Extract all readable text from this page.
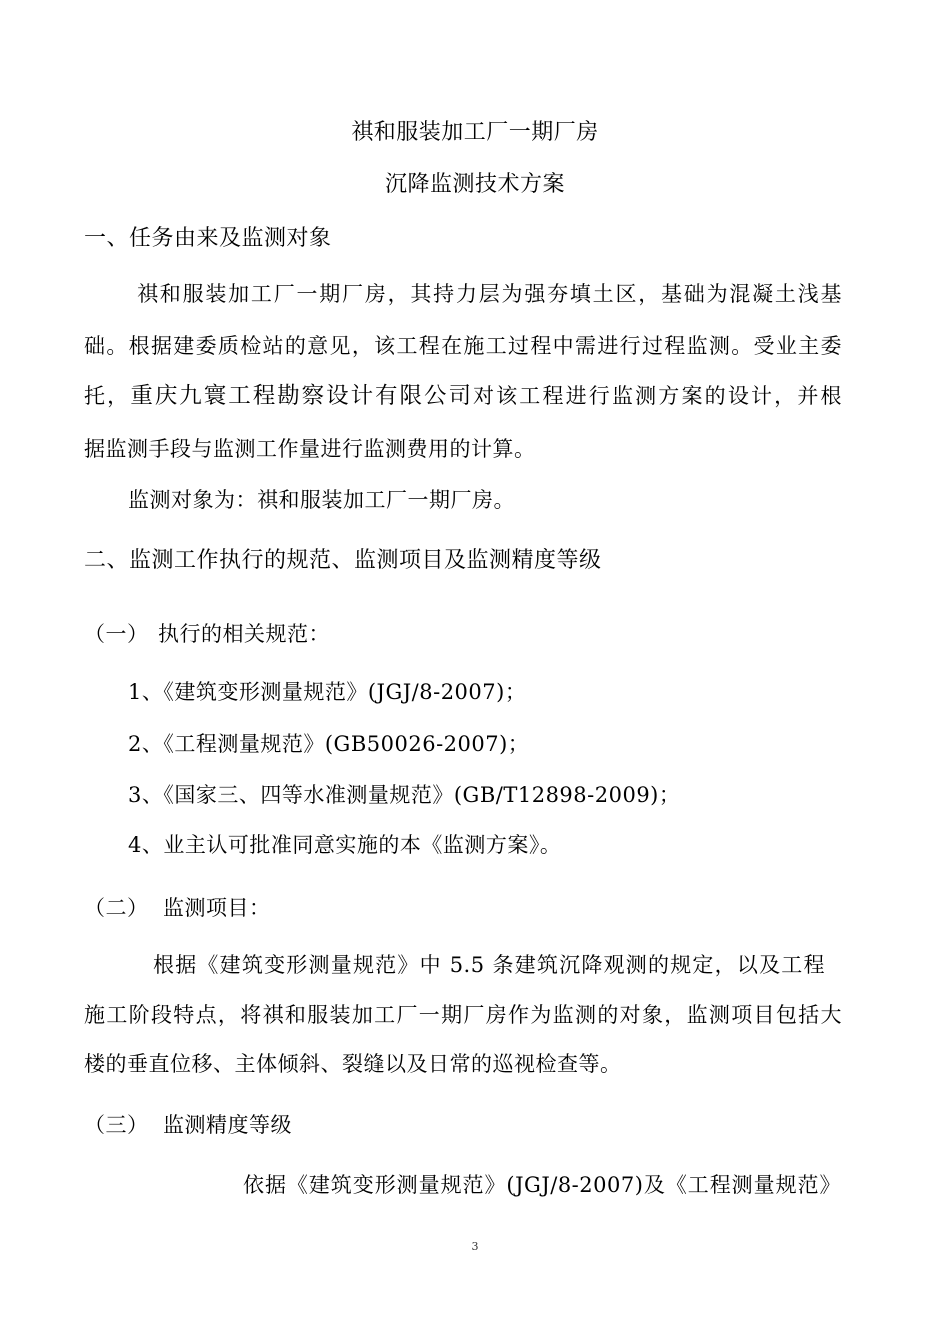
祺和服装加工厂一期厂房
沉降监测技术方案
一、任务由来及监测对象
祺和服装加工厂一期厂房，其持力层为强夯填土区，基础为混凝土浅基
础。根据建委质检站的意见，该工程在施工过程中需进行过程监测。受业主委
托，重庆九寰工程勘察设计有限公司对该工程进行监测方案的设计，并根
据监测手段与监测工作量进行监测费用的计算。
监测对象为：祺和服装加工厂一期厂房。
二、监测工作执行的规范、监测项目及监测精度等级
（一） 执行的相关规范：
1、《建筑变形测量规范》(JGJ/8-2007)；
2、《工程测量规范》(GB50026-2007)；
3、《国家三、四等水准测量规范》(GB/T12898-2009)；
4、业主认可批准同意实施的本《监测方案》。
（二） 监测项目：
根据《建筑变形测量规范》中 5.5 条建筑沉降观测的规定，以及工程
施工阶段特点，将祺和服装加工厂一期厂房作为监测的对象，监测项目包括大
楼的垂直位移、主体倾斜、裂缝以及日常的巡视检查等。
（三） 监测精度等级
依据《建筑变形测量规范》(JGJ/8-2007)及《工程测量规范》
3
